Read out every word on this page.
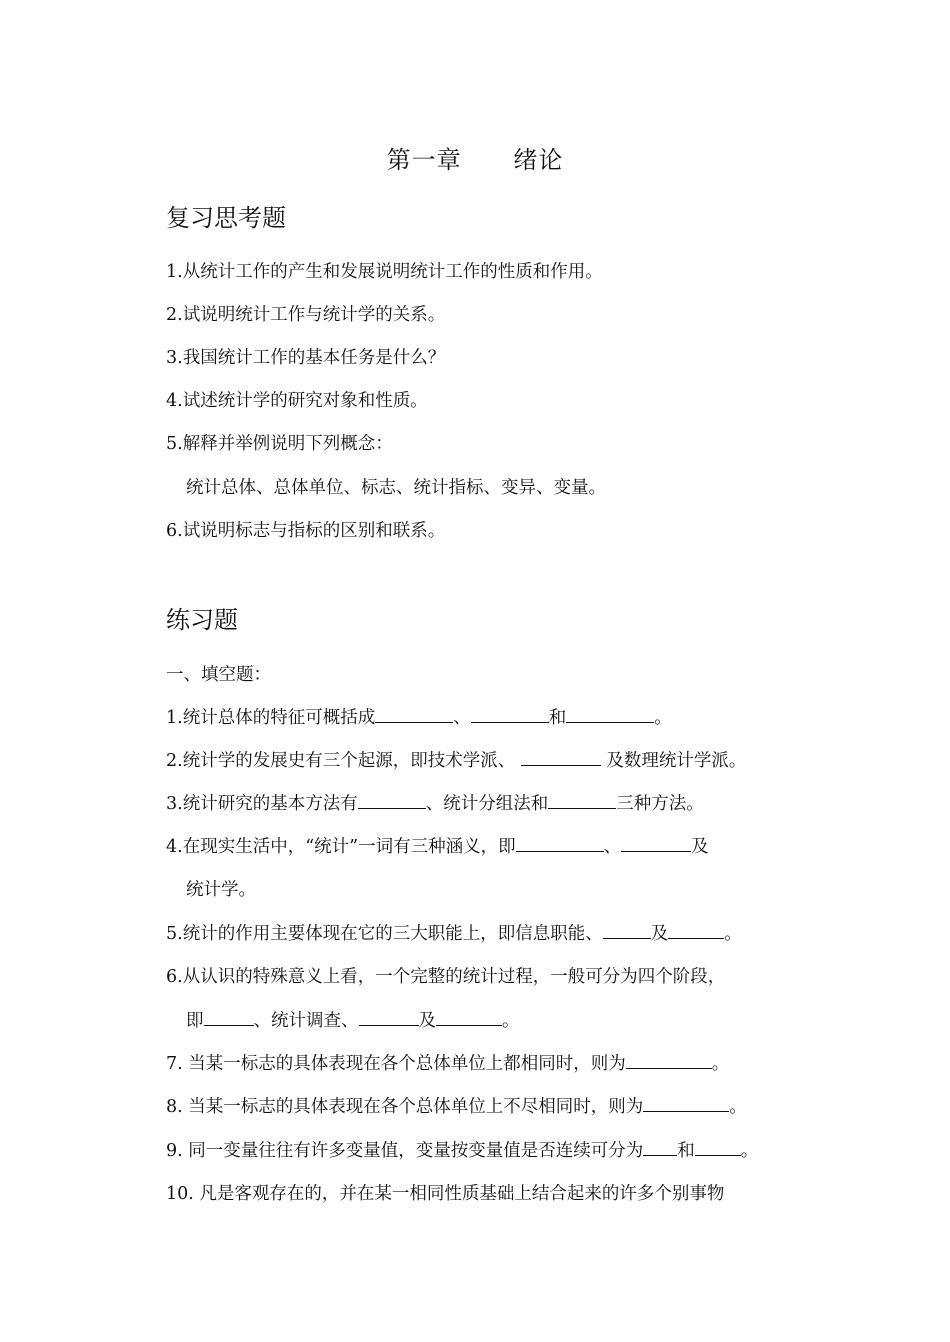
第一章      绪论
复习思考题
1.从统计工作的产生和发展说明统计工作的性质和作用。
2.试说明统计工作与统计学的关系。
3.我国统计工作的基本任务是什么？
4.试述统计学的研究对象和性质。
5.解释并举例说明下列概念：
统计总体、总体单位、标志、统计指标、变异、变量。
6.试说明标志与指标的区别和联系。
练习题
一、填空题：
1.统计总体的特征可概括成	、	和	。
2.统计学的发展史有三个起源，即技术学派、	及数理统计学派。
3.统计研究的基本方法有	、统计分组法和	三种方法。
4.在现实生活中，“统计”一词有三种涵义，即	、	及
统计学。
5.统计的作用主要体现在它的三大职能上，即信息职能、	及	。
6.从认识的特殊意义上看，一个完整的统计过程，一般可分为四个阶段，
即	、统计调查、	及	。
7. 当某一标志的具体表现在各个总体单位上都相同时，则为	。
8. 当某一标志的具体表现在各个总体单位上不尽相同时，则为	。
9. 同一变量往往有许多变量值，变量按变量值是否连续可分为 和	。
10. 凡是客观存在的，并在某一相同性质基础上结合起来的许多个别事物
